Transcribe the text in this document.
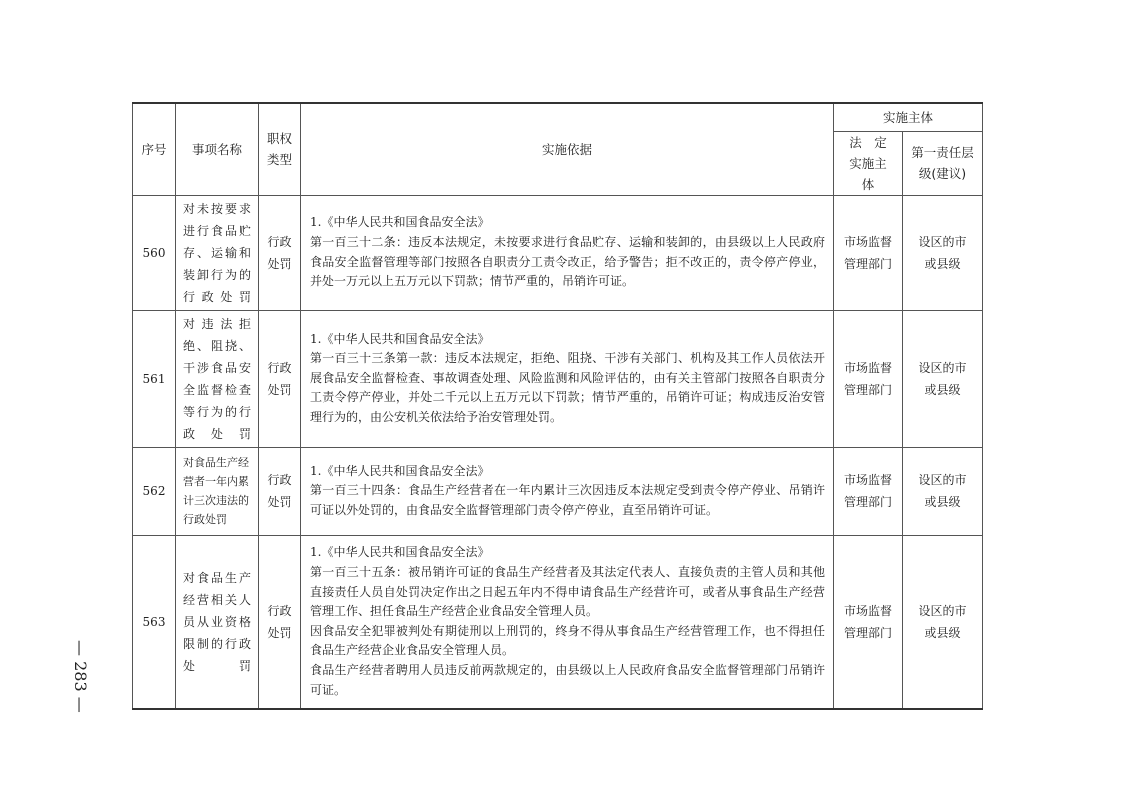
序号	事项名称	职权类型	实施依据	实施主体	
				法　定实施主体	第一责任层级(建议)
560	对未按要求进行食品贮存、运输和装卸行为的行政处罚	行政处罚	1.《中华人民共和国食品安全法》
第一百三十二条：违反本法规定，未按要求进行食品贮存、运输和装卸的，由县级以上人民政府食品安全监督管理等部门按照各自职责分工责令改正，给予警告；拒不改正的，责令停产停业，并处一万元以上五万元以下罚款；情节严重的，吊销许可证。	市场监督管理部门	设区的市或县级
561	对违法拒绝、阻挠、干涉食品安全监督检查等行为的行政处罚	行政处罚	1.《中华人民共和国食品安全法》
第一百三十三条第一款：违反本法规定，拒绝、阻挠、干涉有关部门、机构及其工作人员依法开展食品安全监督检查、事故调查处理、风险监测和风险评估的，由有关主管部门按照各自职责分工责令停产停业，并处二千元以上五万元以下罚款；情节严重的，吊销许可证；构成违反治安管理行为的，由公安机关依法给予治安管理处罚。	市场监督管理部门	设区的市或县级
562	对食品生产经营者一年内累计三次违法的行政处罚	行政处罚	1.《中华人民共和国食品安全法》
第一百三十四条：食品生产经营者在一年内累计三次因违反本法规定受到责令停产停业、吊销许可证以外处罚的，由食品安全监督管理部门责令停产停业，直至吊销许可证。	市场监督管理部门	设区的市或县级
563	对食品生产经营相关人员从业资格限制的行政处罚	行政处罚	1.《中华人民共和国食品安全法》
第一百三十五条：被吊销许可证的食品生产经营者及其法定代表人、直接负责的主管人员和其他直接责任人员自处罚决定作出之日起五年内不得申请食品生产经营许可，或者从事食品生产经营管理工作、担任食品生产经营企业食品安全管理人员。
因食品安全犯罪被判处有期徒刑以上刑罚的，终身不得从事食品生产经营管理工作，也不得担任食品生产经营企业食品安全管理人员。
食品生产经营者聘用人员违反前两款规定的，由县级以上人民政府食品安全监督管理部门吊销许可证。	市场监督管理部门	设区的市或县级
— 283 —
